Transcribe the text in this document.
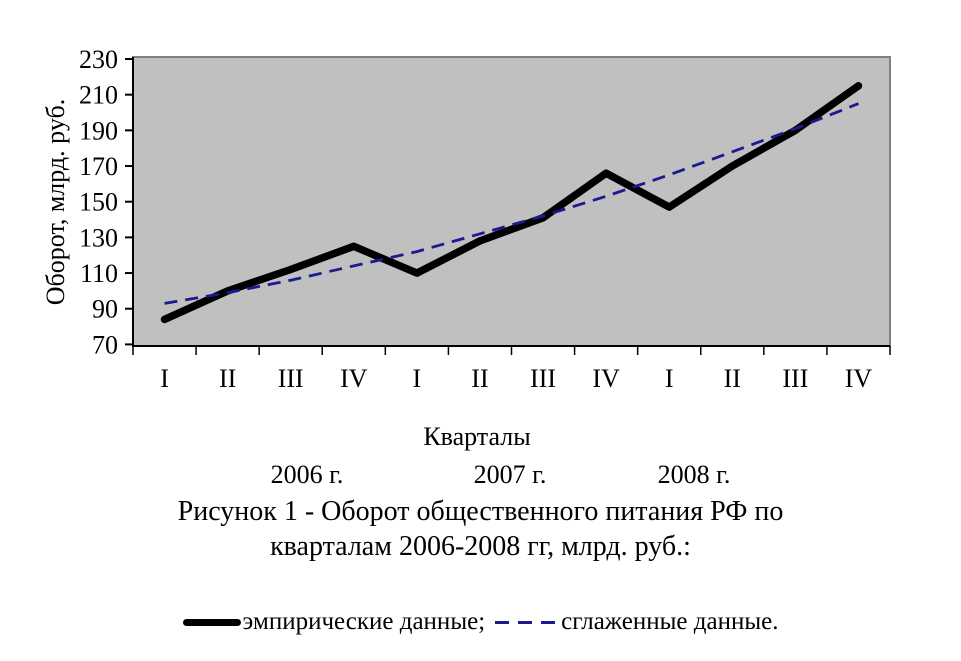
230
210
190
170
150
130
110
90
70
I II III IV I II III IV I II III IV
Кварталы
2006 г.	2007 г.	2008 г.
Оборот, млрд. руб.
Рисунок 1 - Оборот общественного питания РФ по
кварталам 2006-2008 гг, млрд. руб.:
эмпирические данные;	сглаженные данные.
